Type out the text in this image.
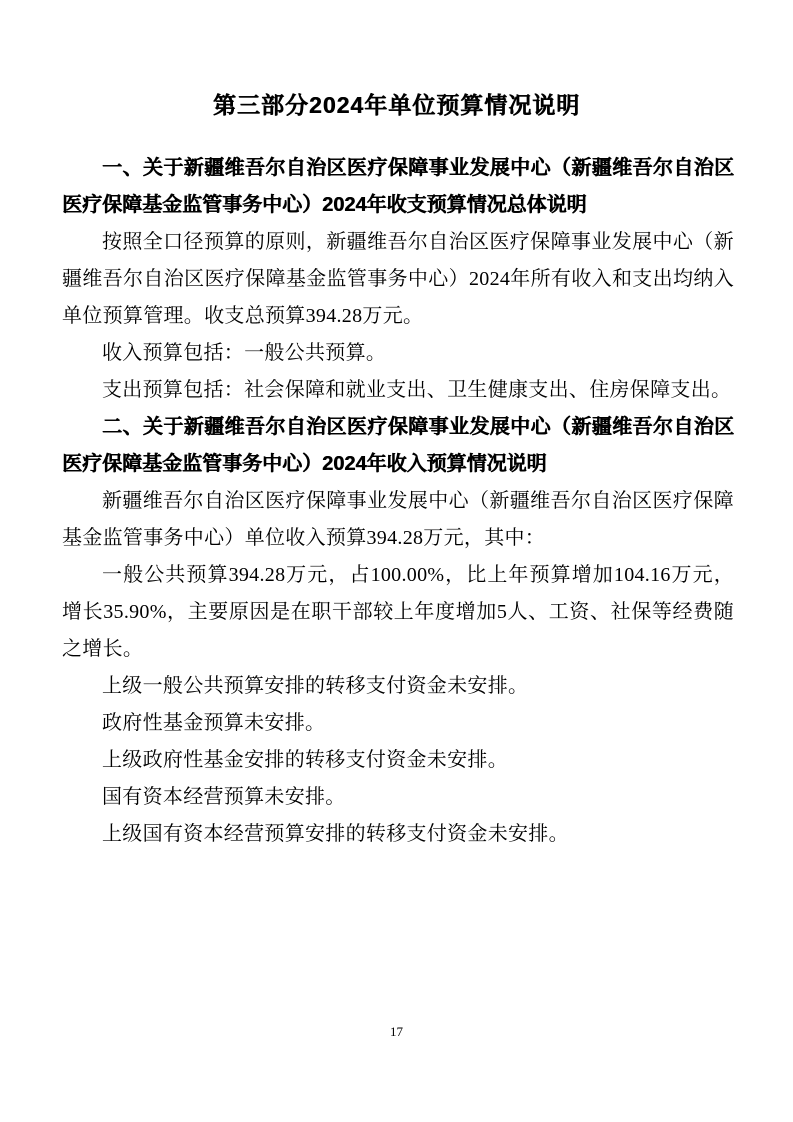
第三部分2024年单位预算情况说明

一、关于新疆维吾尔自治区医疗保障事业发展中心（新疆维吾尔自治区医疗保障基金监管事务中心）2024年收支预算情况总体说明

按照全口径预算的原则，新疆维吾尔自治区医疗保障事业发展中心（新疆维吾尔自治区医疗保障基金监管事务中心）2024年所有收入和支出均纳入单位预算管理。收支总预算394.28万元。

收入预算包括：一般公共预算。

支出预算包括：社会保障和就业支出、卫生健康支出、住房保障支出。

二、关于新疆维吾尔自治区医疗保障事业发展中心（新疆维吾尔自治区医疗保障基金监管事务中心）2024年收入预算情况说明

新疆维吾尔自治区医疗保障事业发展中心（新疆维吾尔自治区医疗保障基金监管事务中心）单位收入预算394.28万元，其中：

一般公共预算394.28万元，占100.00%，比上年预算增加104.16万元，增长35.90%，主要原因是在职干部较上年度增加5人、工资、社保等经费随之增长。

上级一般公共预算安排的转移支付资金未安排。

政府性基金预算未安排。

上级政府性基金安排的转移支付资金未安排。

国有资本经营预算未安排。

上级国有资本经营预算安排的转移支付资金未安排。

17
